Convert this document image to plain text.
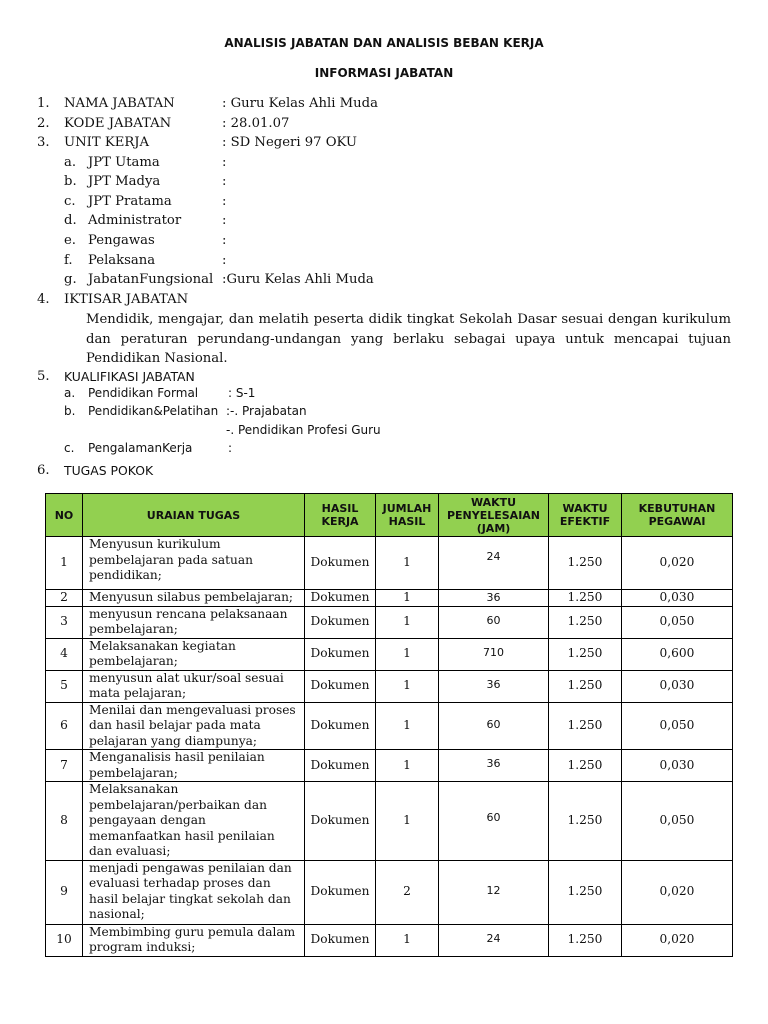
ANALISIS JABATAN DAN ANALISIS BEBAN KERJA
INFORMASI JABATAN
1. NAMA JABATAN	: Guru Kelas Ahli Muda
2. KODE JABATAN	: 28.01.07
3. UNIT KERJA	: SD Negeri 97 OKU
a. JPT Utama	:
b. JPT Madya	:
c. JPT Pratama	:
d. Administrator	:
e. Pengawas	:
f. Pelaksana	:
g. JabatanFungsional :Guru Kelas Ahli Muda
4. IKTISAR JABATAN
Mendidik, mengajar, dan melatih peserta didik tingkat Sekolah Dasar sesuai dengan kurikulum dan peraturan perundang-undangan yang berlaku sebagai upaya untuk mencapai tujuan Pendidikan Nasional.
5. KUALIFIKASI JABATAN
a. Pendidikan Formal : S-1
b. Pendidikan&Pelatihan :-. Prajabatan
-. Pendidikan Profesi Guru
c. PengalamanKerja	:
6. TUGAS POKOK
NO	URAIAN TUGAS	HASIL KERJA	JUMLAH HASIL	WAKTU PENYELESAIAN (JAM)	WAKTU EFEKTIF	KEBUTUHAN PEGAWAI
1	Menyusun kurikulum pembelajaran pada satuan pendidikan;	Dokumen	1	24	1.250	0,020
2	Menyusun silabus pembelajaran;	Dokumen	1	36	1.250	0,030
3	menyusun rencana pelaksanaan pembelajaran;	Dokumen	1	60	1.250	0,050
4	Melaksanakan kegiatan pembelajaran;	Dokumen	1	710	1.250	0,600
5	menyusun alat ukur/soal sesuai mata pelajaran;	Dokumen	1	36	1.250	0,030
6	Menilai dan mengevaluasi proses dan hasil belajar pada mata pelajaran yang diampunya;	Dokumen	1	60	1.250	0,050
7	Menganalisis hasil penilaian pembelajaran;	Dokumen	1	36	1.250	0,030
8	Melaksanakan pembelajaran/perbaikan dan pengayaan dengan memanfaatkan hasil penilaian dan evaluasi;	Dokumen	1	60	1.250	0,050
9	menjadi pengawas penilaian dan evaluasi terhadap proses dan hasil belajar tingkat sekolah dan nasional;	Dokumen	2	12	1.250	0,020
10	Membimbing guru pemula dalam program induksi;	Dokumen	1	24	1.250	0,020
